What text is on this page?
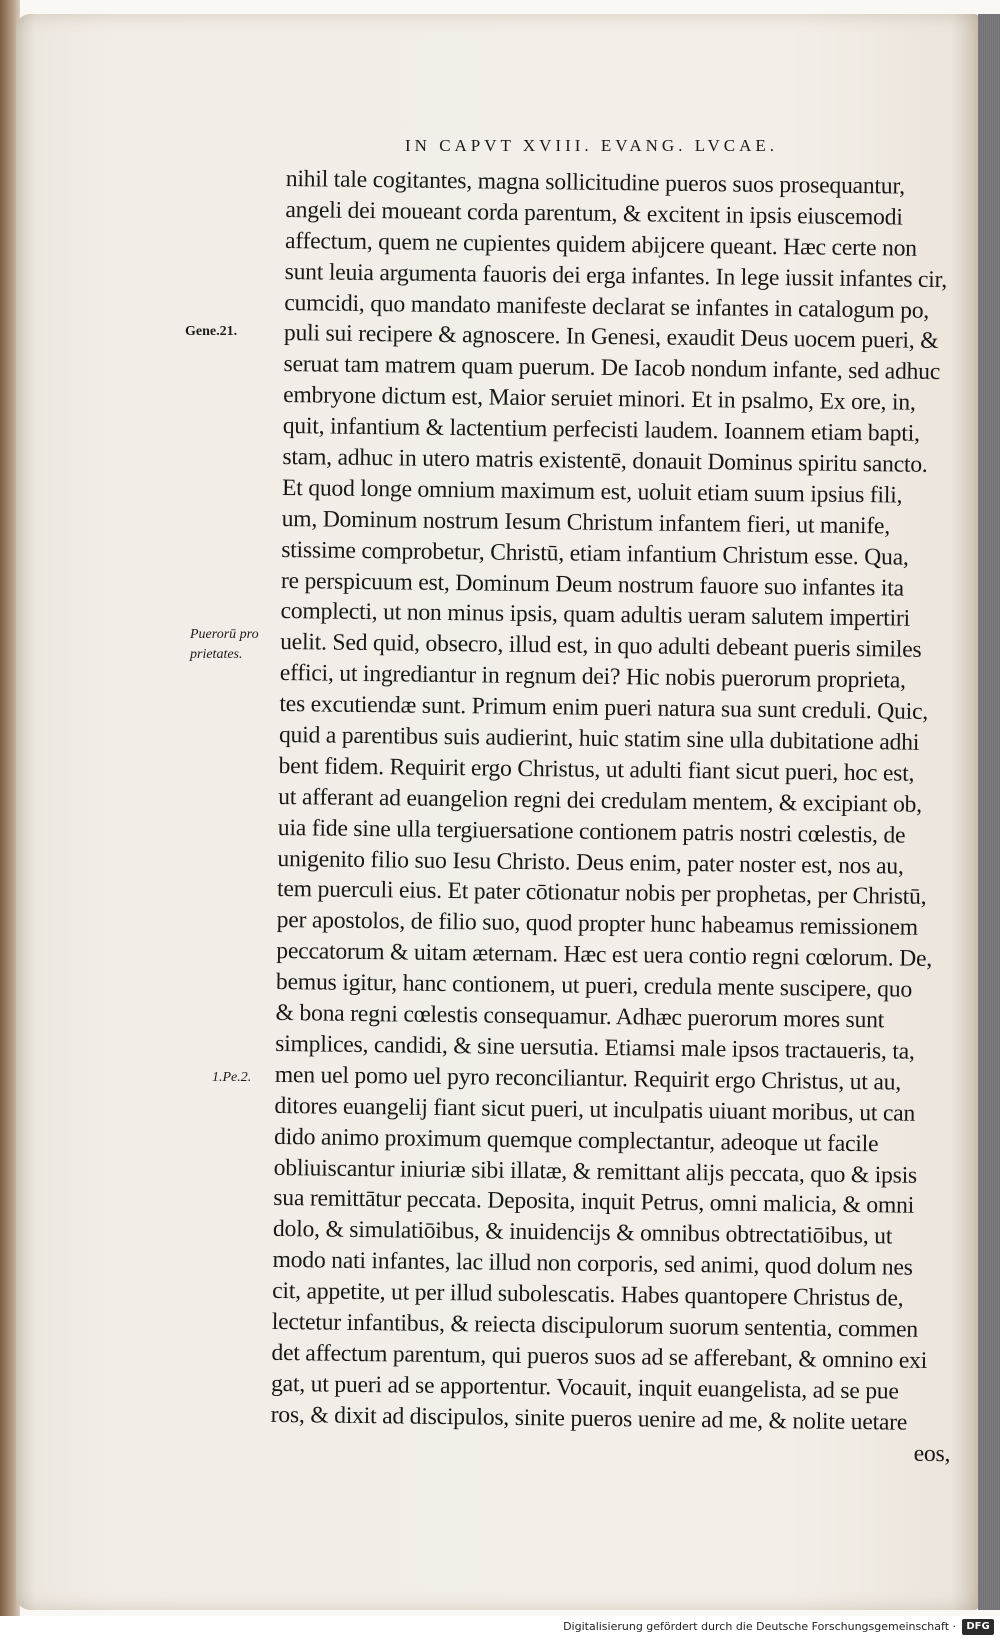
IN CAPVT XVIII. EVANG. LVCAE.
Gene.21.
Puerorū pro
prietates.
1.Pe.2.
nihil tale cogitantes, magna sollicitudine pueros suos prosequantur,
angeli dei moueant corda parentum, & excitent in ipsis eiuscemodi
affectum, quem ne cupientes quidem abijcere queant. Hæc certe non
sunt leuia argumenta fauoris dei erga infantes. In lege iussit infantes cir,
cumcidi, quo mandato manifeste declarat se infantes in catalogum po,
puli sui recipere & agnoscere. In Genesi, exaudit Deus uocem pueri, &
seruat tam matrem quam puerum. De Iacob nondum infante, sed adhuc
embryone dictum est, Maior seruiet minori. Et in psalmo, Ex ore, in,
quit, infantium & lactentium perfecisti laudem. Ioannem etiam bapti,
stam, adhuc in utero matris existentē, donauit Dominus spiritu sancto.
Et quod longe omnium maximum est, uoluit etiam suum ipsius fili,
um, Dominum nostrum Iesum Christum infantem fieri, ut manife,
stissime comprobetur, Christū, etiam infantium Christum esse. Qua,
re perspicuum est, Dominum Deum nostrum fauore suo infantes ita
complecti, ut non minus ipsis, quam adultis ueram salutem impertiri
uelit. Sed quid, obsecro, illud est, in quo adulti debeant pueris similes
effici, ut ingrediantur in regnum dei? Hic nobis puerorum proprieta,
tes excutiendæ sunt. Primum enim pueri natura sua sunt creduli. Quic,
quid a parentibus suis audierint, huic statim sine ulla dubitatione adhi
bent fidem. Requirit ergo Christus, ut adulti fiant sicut pueri, hoc est,
ut afferant ad euangelion regni dei credulam mentem, & excipiant ob,
uia fide sine ulla tergiuersatione contionem patris nostri cœlestis, de
unigenito filio suo Iesu Christo. Deus enim, pater noster est, nos au,
tem puerculi eius. Et pater cōtionatur nobis per prophetas, per Christū,
per apostolos, de filio suo, quod propter hunc habeamus remissionem
peccatorum & uitam æternam. Hæc est uera contio regni cœlorum. De,
bemus igitur, hanc contionem, ut pueri, credula mente suscipere, quo
& bona regni cœlestis consequamur. Adhæc puerorum mores sunt
simplices, candidi, & sine uersutia. Etiamsi male ipsos tractaueris, ta,
men uel pomo uel pyro reconciliantur. Requirit ergo Christus, ut au,
ditores euangelij fiant sicut pueri, ut inculpatis uiuant moribus, ut can
dido animo proximum quemque complectantur, adeoque ut facile
obliuiscantur iniuriæ sibi illatæ, & remittant alijs peccata, quo & ipsis
sua remittātur peccata. Deposita, inquit Petrus, omni malicia, & omni
dolo, & simulatiōibus, & inuidencijs & omnibus obtrectatiōibus, ut
modo nati infantes, lac illud non corporis, sed animi, quod dolum nes
cit, appetite, ut per illud subolescatis. Habes quantopere Christus de,
lectetur infantibus, & reiecta discipulorum suorum sententia, commen
det affectum parentum, qui pueros suos ad se afferebant, & omnino exi
gat, ut pueri ad se apportentur. Vocauit, inquit euangelista, ad se pue
ros, & dixit ad discipulos, sinite pueros uenire ad me, & nolite uetare
eos,
Digitalisierung gefördert durch die Deutsche Forschungsgemeinschaft ·	DFG
